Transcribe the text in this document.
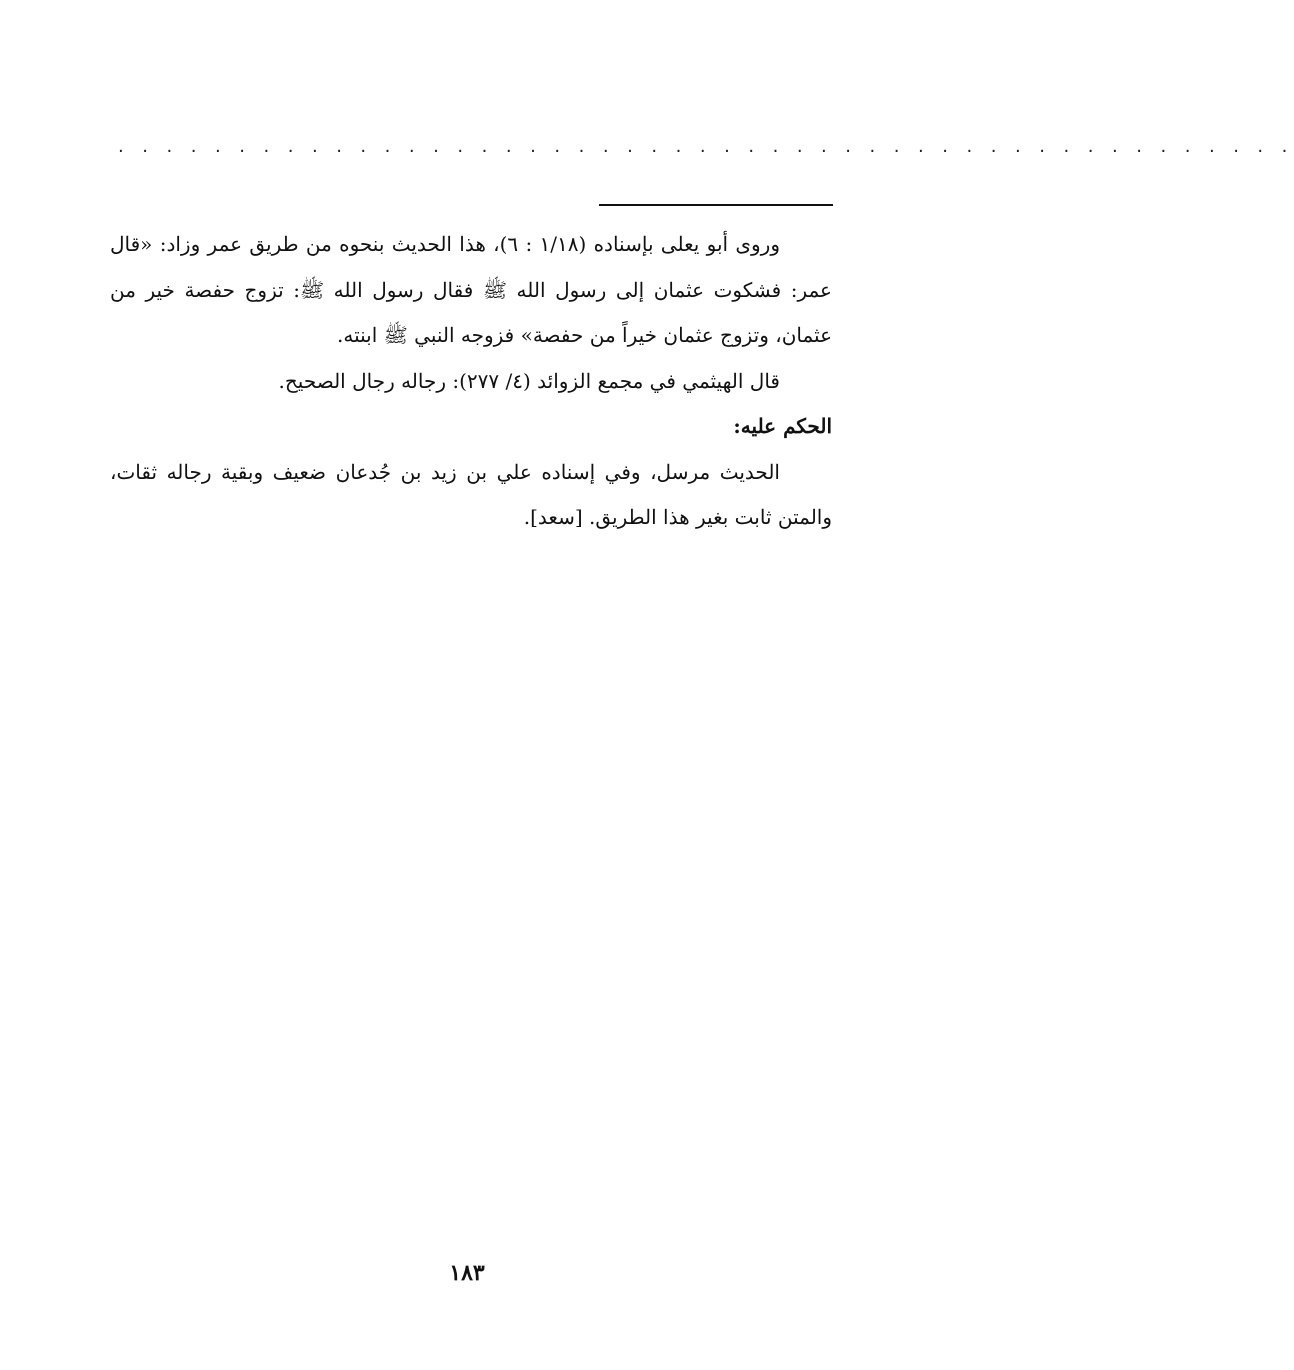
. . . . . . . . . . . . . . . . . . . . . . . . . . . . . . . . . . . . . . . . . . . . . . . . .

وروى أبو يعلى بإسناده (١/١٨ : ٦)، هذا الحديث بنحوه من طريق عمر وزاد: «قال عمر: فشكوت عثمان إلى رسول الله ﷺ فقال رسول الله ﷺ: تزوج حفصة خير من عثمان، وتزوج عثمان خيراً من حفصة» فزوجه النبي ﷺ ابنته.

قال الهيثمي في مجمع الزوائد (٤/ ٢٧٧): رجاله رجال الصحيح.

الحكم عليه:

الحديث مرسل، وفي إسناده علي بن زيد بن جُدعان ضعيف وبقية رجاله ثقات، والمتن ثابت بغير هذا الطريق. [سعد].

١٨٣
